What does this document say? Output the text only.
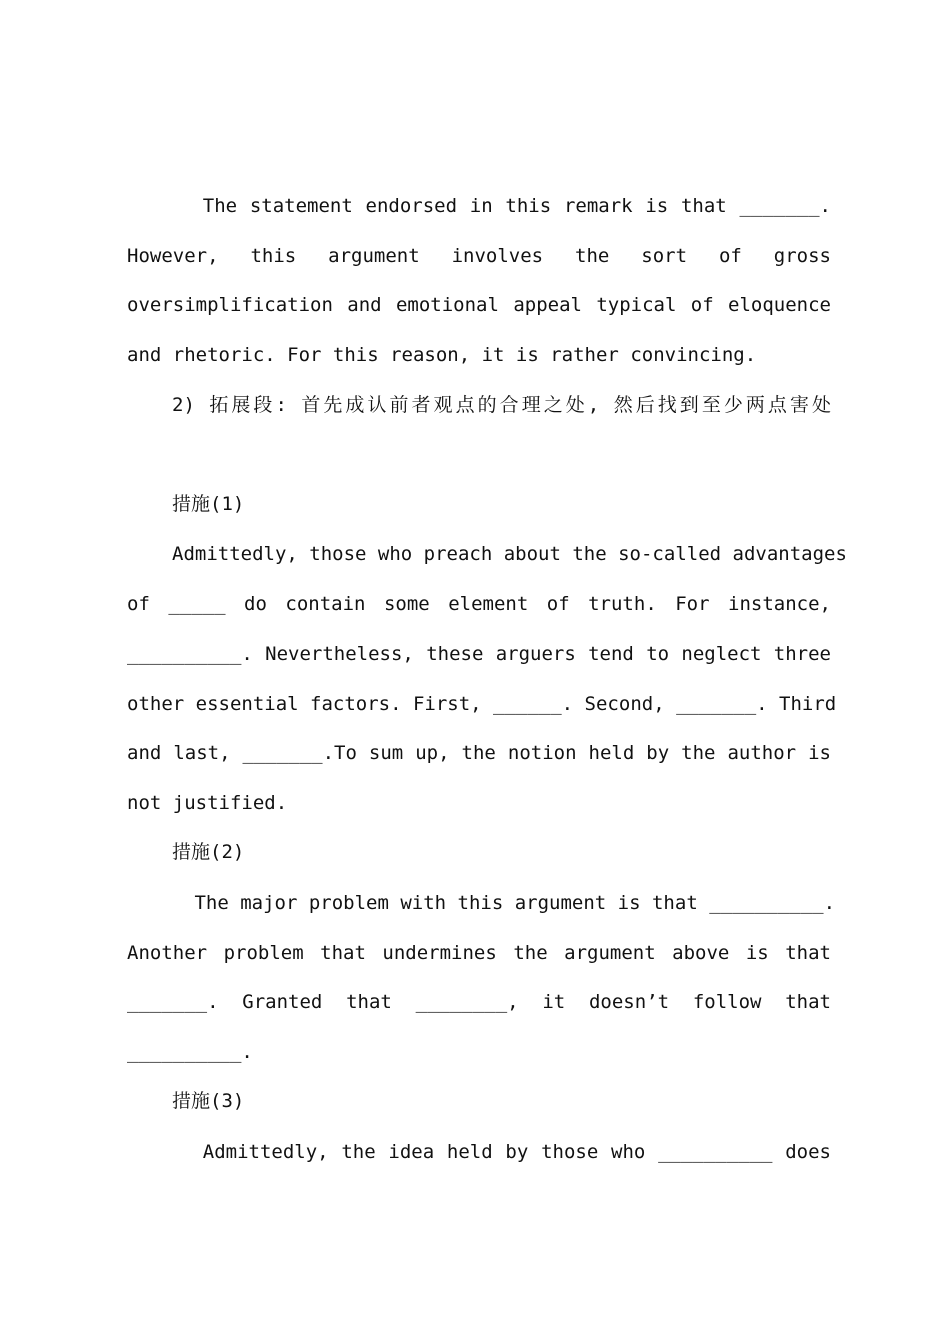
The statement endorsed in this remark is that _______.
However, this argument involves the sort of gross
oversimplification and emotional appeal typical of eloquence
and rhetoric. For this reason, it is rather convincing.
2) 拓展段: 首先成认前者观点的合理之处, 然后找到至少两点害处
措施(1)
Admittedly, those who preach about the so-called advantages
of _____ do contain some element of truth. For instance,
__________. Nevertheless, these arguers tend to neglect three
other essential factors. First, ______. Second, _______. Third
and last, _______.To sum up, the notion held by the author is
not justified.
措施(2)
The major problem with this argument is that __________.
Another problem that undermines the argument above is that
_______. Granted that ________, it doesn’t follow that
__________.
措施(3)
Admittedly, the idea held by those who __________ does
